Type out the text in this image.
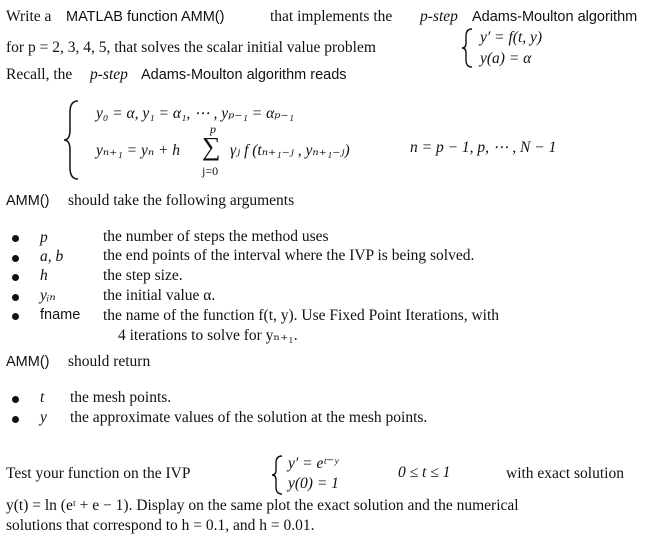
Write a MATLAB function AMM()	that implements the p-step Adams-Moulton algorithm
for p = 2, 3, 4, 5, that solves the scalar initial value problem
y′ = f(t, y)
y(a) = α
Recall, the p-step Adams-Moulton algorithm reads
y₀ = α, y₁ = α₁, ⋯ , yₚ₋₁ = αₚ₋₁
yₙ₊₁ = yₙ + h
p
∑
j=0
γⱼ f (tₙ₊₁₋ⱼ , yₙ₊₁₋ⱼ)	n = p − 1, p, ⋯ , N − 1
AMM() should take the following arguments
p	the number of steps the method uses
a, b	the end points of the interval where the IVP is being solved.
h	the step size.
yᵢₙ	the initial value α.
fname the name of the function f(t, y). Use Fixed Point Iterations, with
4 iterations to solve for yₙ₊₁.
AMM() should return
t the mesh points.
y the approximate values of the solution at the mesh points.
Test your function on the IVP
y′ = eᵗ⁻ʸ
y(0) = 1
0 ≤ t ≤ 1	with exact solution
y(t) = ln (eᵗ + e − 1). Display on the same plot the exact solution and the numerical
solutions that correspond to h = 0.1, and h = 0.01.
